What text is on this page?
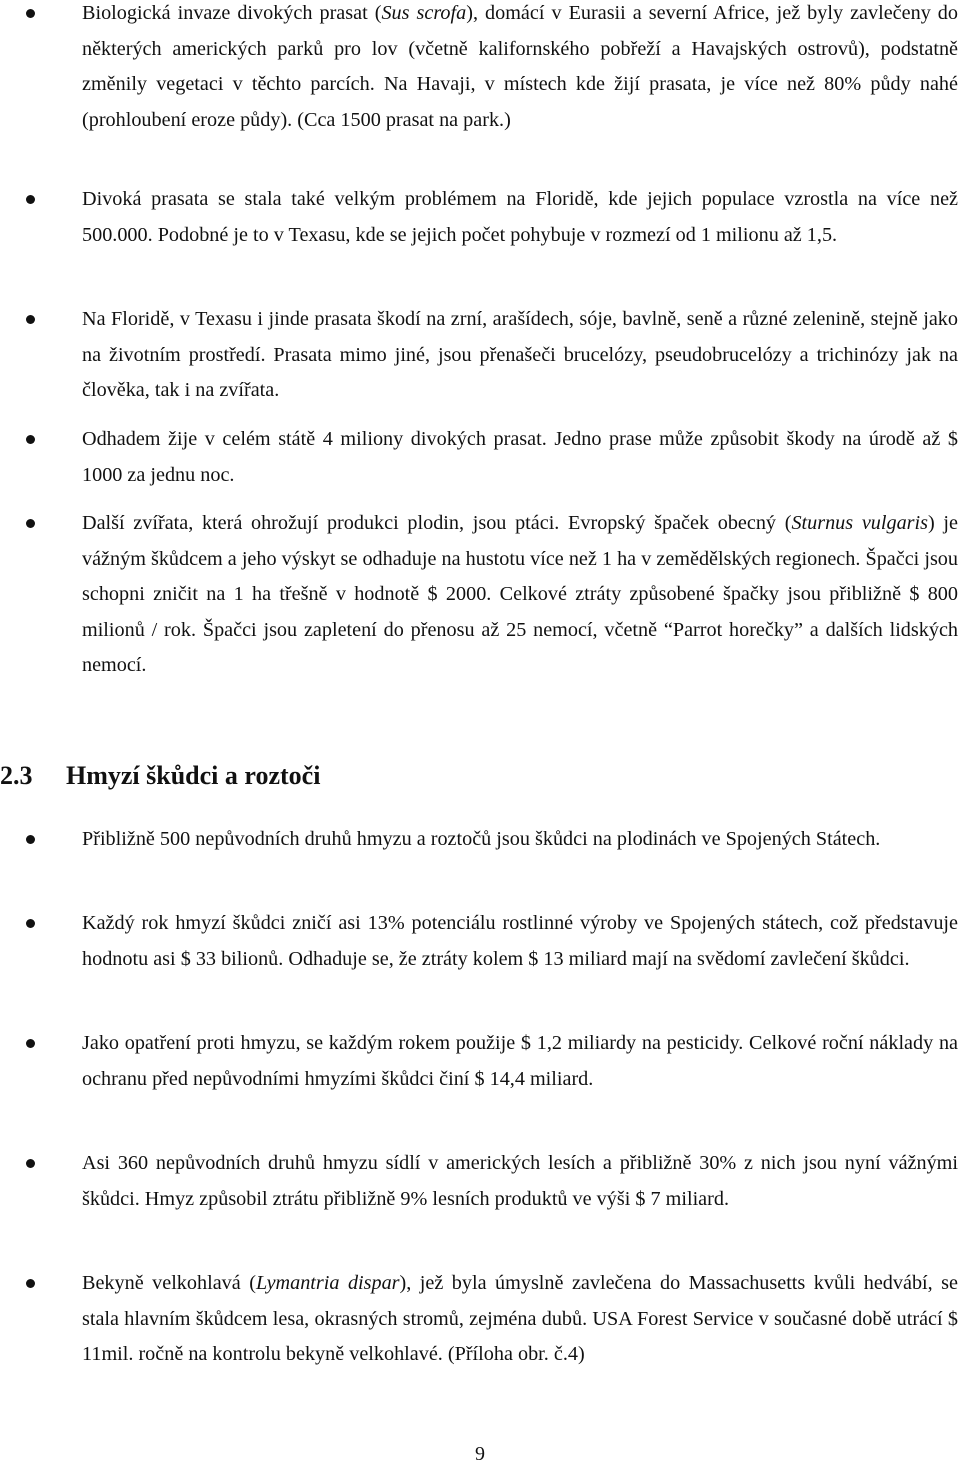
Biologická invaze divokých prasat (Sus scrofa), domácí v Eurasii a severní Africe, jež byly zavlečeny do některých amerických parků pro lov (včetně kalifornského pobřeží a Havajských ostrovů), podstatně změnily vegetaci v těchto parcích. Na Havaji, v místech kde žijí prasata, je více než 80% půdy nahé (prohloubení eroze půdy). (Cca 1500 prasat na park.)
Divoká prasata se stala také velkým problémem na Floridě, kde jejich populace vzrostla na více než 500.000. Podobné je to v Texasu, kde se jejich počet pohybuje v rozmezí od 1 milionu až 1,5.
Na Floridě, v Texasu i jinde prasata škodí na zrní, arašídech, sóje, bavlně, seně a různé zelenině, stejně jako na životním prostředí. Prasata mimo jiné, jsou přenašeči brucelózy, pseudobrucelózy a trichinózy jak na člověka, tak i na zvířata.
Odhadem žije v celém státě 4 miliony divokých prasat. Jedno prase může způsobit škody na úrodě až $ 1000 za jednu noc.
Další zvířata, která ohrožují produkci plodin, jsou ptáci. Evropský špaček obecný (Sturnus vulgaris) je vážným škůdcem a jeho výskyt se odhaduje na hustotu více než 1 ha v zemědělských regionech. Špačci jsou schopni zničit na 1 ha třešně v hodnotě $ 2000. Celkové ztráty způsobené špačky jsou přibližně $ 800 milionů / rok. Špačci jsou zapletení do přenosu až 25 nemocí, včetně “Parrot horečky” a dalších lidských nemocí.
2.3 Hmyzí škůdci a roztoči
Přibližně 500 nepůvodních druhů hmyzu a roztočů jsou škůdci na plodinách ve Spojených Státech.
Každý rok hmyzí škůdci zničí asi 13% potenciálu rostlinné výroby ve Spojených státech, což představuje hodnotu asi $ 33 bilionů. Odhaduje se, že ztráty kolem $ 13 miliard mají na svědomí zavlečení škůdci.
Jako opatření proti hmyzu, se každým rokem použije $ 1,2 miliardy na pesticidy. Celkové roční náklady na ochranu před nepůvodními hmyzími škůdci činí $ 14,4 miliard.
Asi 360 nepůvodních druhů hmyzu sídlí v amerických lesích a přibližně 30% z nich jsou nyní vážnými škůdci. Hmyz způsobil ztrátu přibližně 9% lesních produktů ve výši $ 7 miliard.
Bekyně velkohlavá (Lymantria dispar), jež byla úmyslně zavlečena do Massachusetts kvůli hedvábí, se stala hlavním škůdcem lesa, okrasných stromů, zejména dubů. USA Forest Service v současné době utrácí $ 11mil. ročně na kontrolu bekyně velkohlavé. (Příloha obr. č.4)
9
